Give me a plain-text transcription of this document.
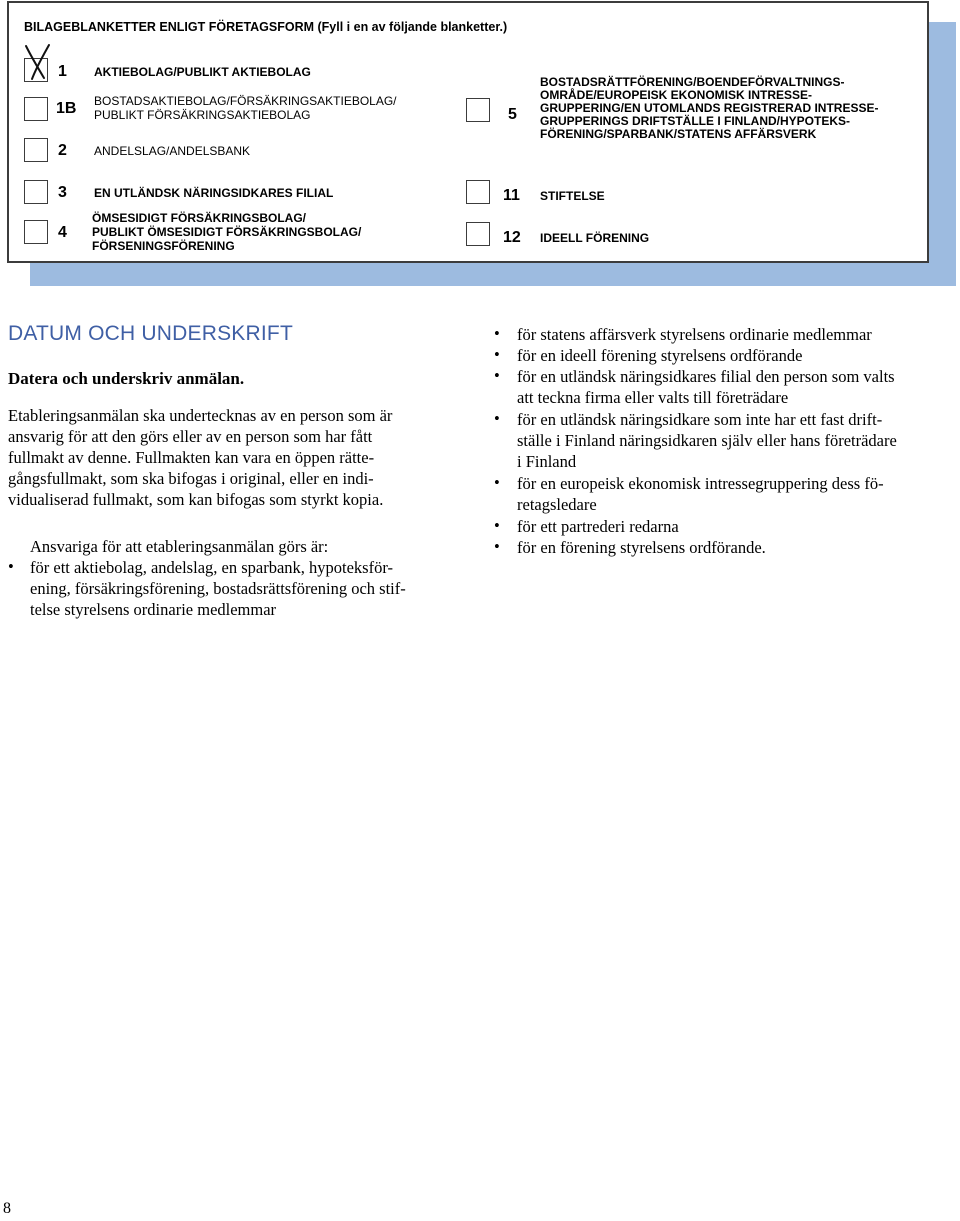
BILAGEBLANKETTER ENLIGT FÖRETAGSFORM (Fyll i en av följande blanketter.)
1 AKTIEBOLAG/PUBLIKT AKTIEBOLAG
1B BOSTADSAKTIEBOLAG/FÖRSÄKRINGSAKTIEBOLAG/
PUBLIKT FÖRSÄKRINGSAKTIEBOLAG
2 ANDELSLAG/ANDELSBANK
5
BOSTADSRÄTTFÖRENING/BOENDEFÖRVALTNINGS-
OMRÅDE/EUROPEISK EKONOMISK INTRESSE-
GRUPPERING/EN UTOMLANDS REGISTRERAD INTRESSE-
GRUPPERINGS DRIFTSTÄLLE I FINLAND/HYPOTEKS-
FÖRENING/SPARBANK/STATENS AFFÄRSVERK
3 EN UTLÄNDSK NÄRINGSIDKARES FILIAL
4
ÖMSESIDIGT FÖRSÄKRINGSBOLAG/
PUBLIKT ÖMSESIDIGT FÖRSÄKRINGSBOLAG/
FÖRSENINGSFÖRENING
11 STIFTELSE
12 IDEELL FÖRENING
DATUM OCH UNDERSKRIFT
Datera och underskriv anmälan.
Etableringsanmälan ska undertecknas av en person som är
ansvarig för att den görs eller av en person som har fått
fullmakt av denne. Fullmakten kan vara en öppen rätte-
gångsfullmakt, som ska bifogas i original, eller en indi-
vidualiserad fullmakt, som kan bifogas som styrkt kopia.
Ansvariga för att etableringsanmälan görs är:
• för ett aktiebolag, andelslag, en sparbank, hypoteksför-
ening, försäkringsförening, bostadsrättsförening och stif-
telse styrelsens ordinarie medlemmar
• för statens affärsverk styrelsens ordinarie medlemmar
• för en ideell förening styrelsens ordförande
• för en utländsk näringsidkares filial den person som valts
att teckna firma eller valts till företrädare
• för en utländsk näringsidkare som inte har ett fast drift-
ställe i Finland näringsidkaren själv eller hans företrädare
i Finland
• för en europeisk ekonomisk intressegruppering dess fö-
retagsledare
• för ett partrederi redarna
• för en förening styrelsens ordförande.
8
